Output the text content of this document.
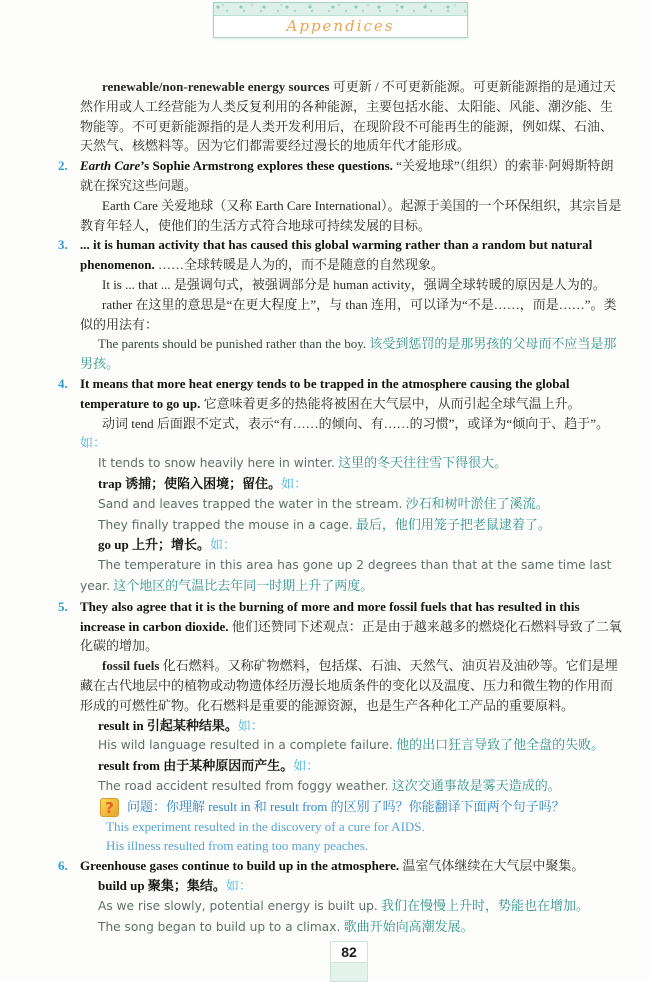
Appendices

renewable/non-renewable energy sources 可更新 / 不可更新能源。可更新能源指的是通过天然作用或人工经营能为人类反复利用的各种能源，主要包括水能、太阳能、风能、潮汐能、生物能等。不可更新能源指的是人类开发利用后，在现阶段不可能再生的能源，例如煤、石油、天然气、核燃料等。因为它们都需要经过漫长的地质年代才能形成。

2. Earth Care’s Sophie Armstrong explores these questions. “关爱地球”（组织）的索菲·阿姆斯特朗就在探究这些问题。

Earth Care 关爱地球（又称 Earth Care International）。起源于美国的一个环保组织，其宗旨是教育年轻人，使他们的生活方式符合地球可持续发展的目标。

3. ... it is human activity that has caused this global warming rather than a random but natural phenomenon. ……全球转暖是人为的，而不是随意的自然现象。

It is ... that ... 是强调句式，被强调部分是 human activity，强调全球转暖的原因是人为的。

rather 在这里的意思是“在更大程度上”，与 than 连用，可以译为“不是……，而是……”。类似的用法有：

The parents should be punished rather than the boy. 该受到惩罚的是那男孩的父母而不应当是那男孩。

4. It means that more heat energy tends to be trapped in the atmosphere causing the global temperature to go up. 它意味着更多的热能将被困在大气层中，从而引起全球气温上升。

动词 tend 后面跟不定式，表示“有……的倾向、有……的习惯”，或译为“倾向于、趋于”。如：

It tends to snow heavily here in winter. 这里的冬天往往雪下得很大。

trap 诱捕；使陷入困境；留住。如：

Sand and leaves trapped the water in the stream. 沙石和树叶淤住了溪流。

They finally trapped the mouse in a cage. 最后，他们用笼子把老鼠逮着了。

go up 上升；增长。如：

The temperature in this area has gone up 2 degrees than that at the same time last year. 这个地区的气温比去年同一时期上升了两度。

5. They also agree that it is the burning of more and more fossil fuels that has resulted in this increase in carbon dioxide. 他们还赞同下述观点：正是由于越来越多的燃烧化石燃料导致了二氧化碳的增加。

fossil fuels 化石燃料。又称矿物燃料，包括煤、石油、天然气、油页岩及油砂等。它们是埋藏在古代地层中的植物或动物遗体经历漫长地质条件的变化以及温度、压力和微生物的作用而形成的可燃性矿物。化石燃料是重要的能源资源，也是生产各种化工产品的重要原料。

result in 引起某种结果。如：

His wild language resulted in a complete failure. 他的出口狂言导致了他全盘的失败。

result from 由于某种原因而产生。如：

The road accident resulted from foggy weather. 这次交通事故是雾天造成的。

?	问题：你理解 result in 和 result from 的区别了吗？你能翻译下面两个句子吗？

This experiment resulted in the discovery of a cure for AIDS.

His illness resulted from eating too many peaches.

6. Greenhouse gases continue to build up in the atmosphere. 温室气体继续在大气层中聚集。

build up 聚集；集结。如：

As we rise slowly, potential energy is built up. 我们在慢慢上升时，势能也在增加。

The song began to build up to a climax. 歌曲开始向高潮发展。

82
